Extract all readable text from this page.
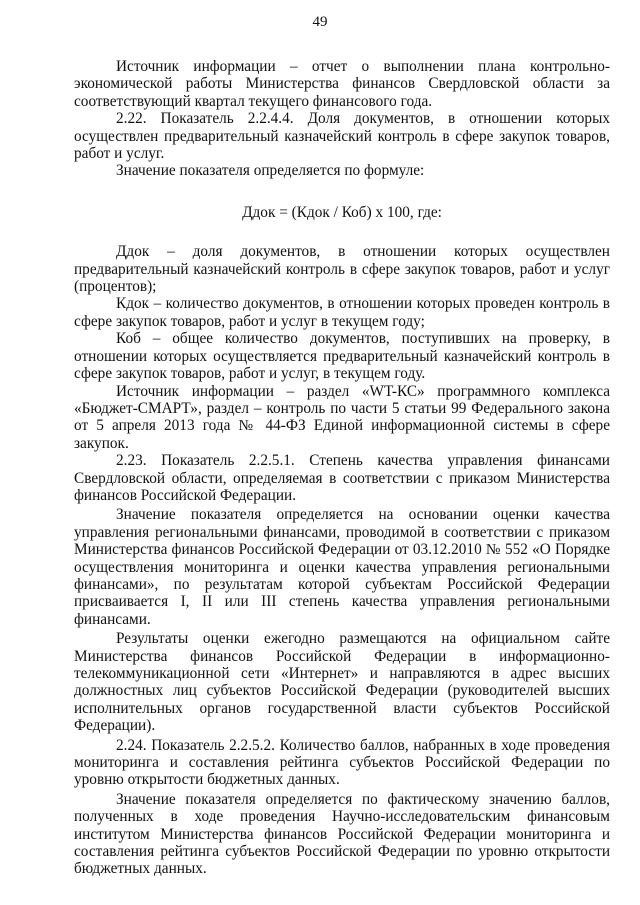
49

Источник информации – отчет о выполнении плана контрольно-экономической работы Министерства финансов Свердловской области за соответствующий квартал текущего финансового года.

2.22. Показатель 2.2.4.4. Доля документов, в отношении которых осуществлен предварительный казначейский контроль в сфере закупок товаров, работ и услуг.

Значение показателя определяется по формуле:

Ддок = (Кдок / Коб) x 100, где:

Ддок – доля документов, в отношении которых осуществлен предварительный казначейский контроль в сфере закупок товаров, работ и услуг (процентов);

Кдок – количество документов, в отношении которых проведен контроль в сфере закупок товаров, работ и услуг в текущем году;

Коб – общее количество документов, поступивших на проверку, в отношении которых осуществляется предварительный казначейский контроль в сфере закупок товаров, работ и услуг, в текущем году.

Источник информации – раздел «WT-КС» программного комплекса «Бюджет-СМАРТ», раздел – контроль по части 5 статьи 99 Федерального закона от 5 апреля 2013 года № 44-ФЗ Единой информационной системы в сфере закупок.

2.23. Показатель 2.2.5.1. Степень качества управления финансами Свердловской области, определяемая в соответствии с приказом Министерства финансов Российской Федерации.

Значение показателя определяется на основании оценки качества управления региональными финансами, проводимой в соответствии с приказом Министерства финансов Российской Федерации от 03.12.2010 № 552 «О Порядке осуществления мониторинга и оценки качества управления региональными финансами», по результатам которой субъектам Российской Федерации присваивается I, II или III степень качества управления региональными финансами.

Результаты оценки ежегодно размещаются на официальном сайте Министерства финансов Российской Федерации в информационно-телекоммуникационной сети «Интернет» и направляются в адрес высших должностных лиц субъектов Российской Федерации (руководителей высших исполнительных органов государственной власти субъектов Российской Федерации).

2.24. Показатель 2.2.5.2. Количество баллов, набранных в ходе проведения мониторинга и составления рейтинга субъектов Российской Федерации по уровню открытости бюджетных данных.

Значение показателя определяется по фактическому значению баллов, полученных в ходе проведения Научно-исследовательским финансовым институтом Министерства финансов Российской Федерации мониторинга и составления рейтинга субъектов Российской Федерации по уровню открытости бюджетных данных.
